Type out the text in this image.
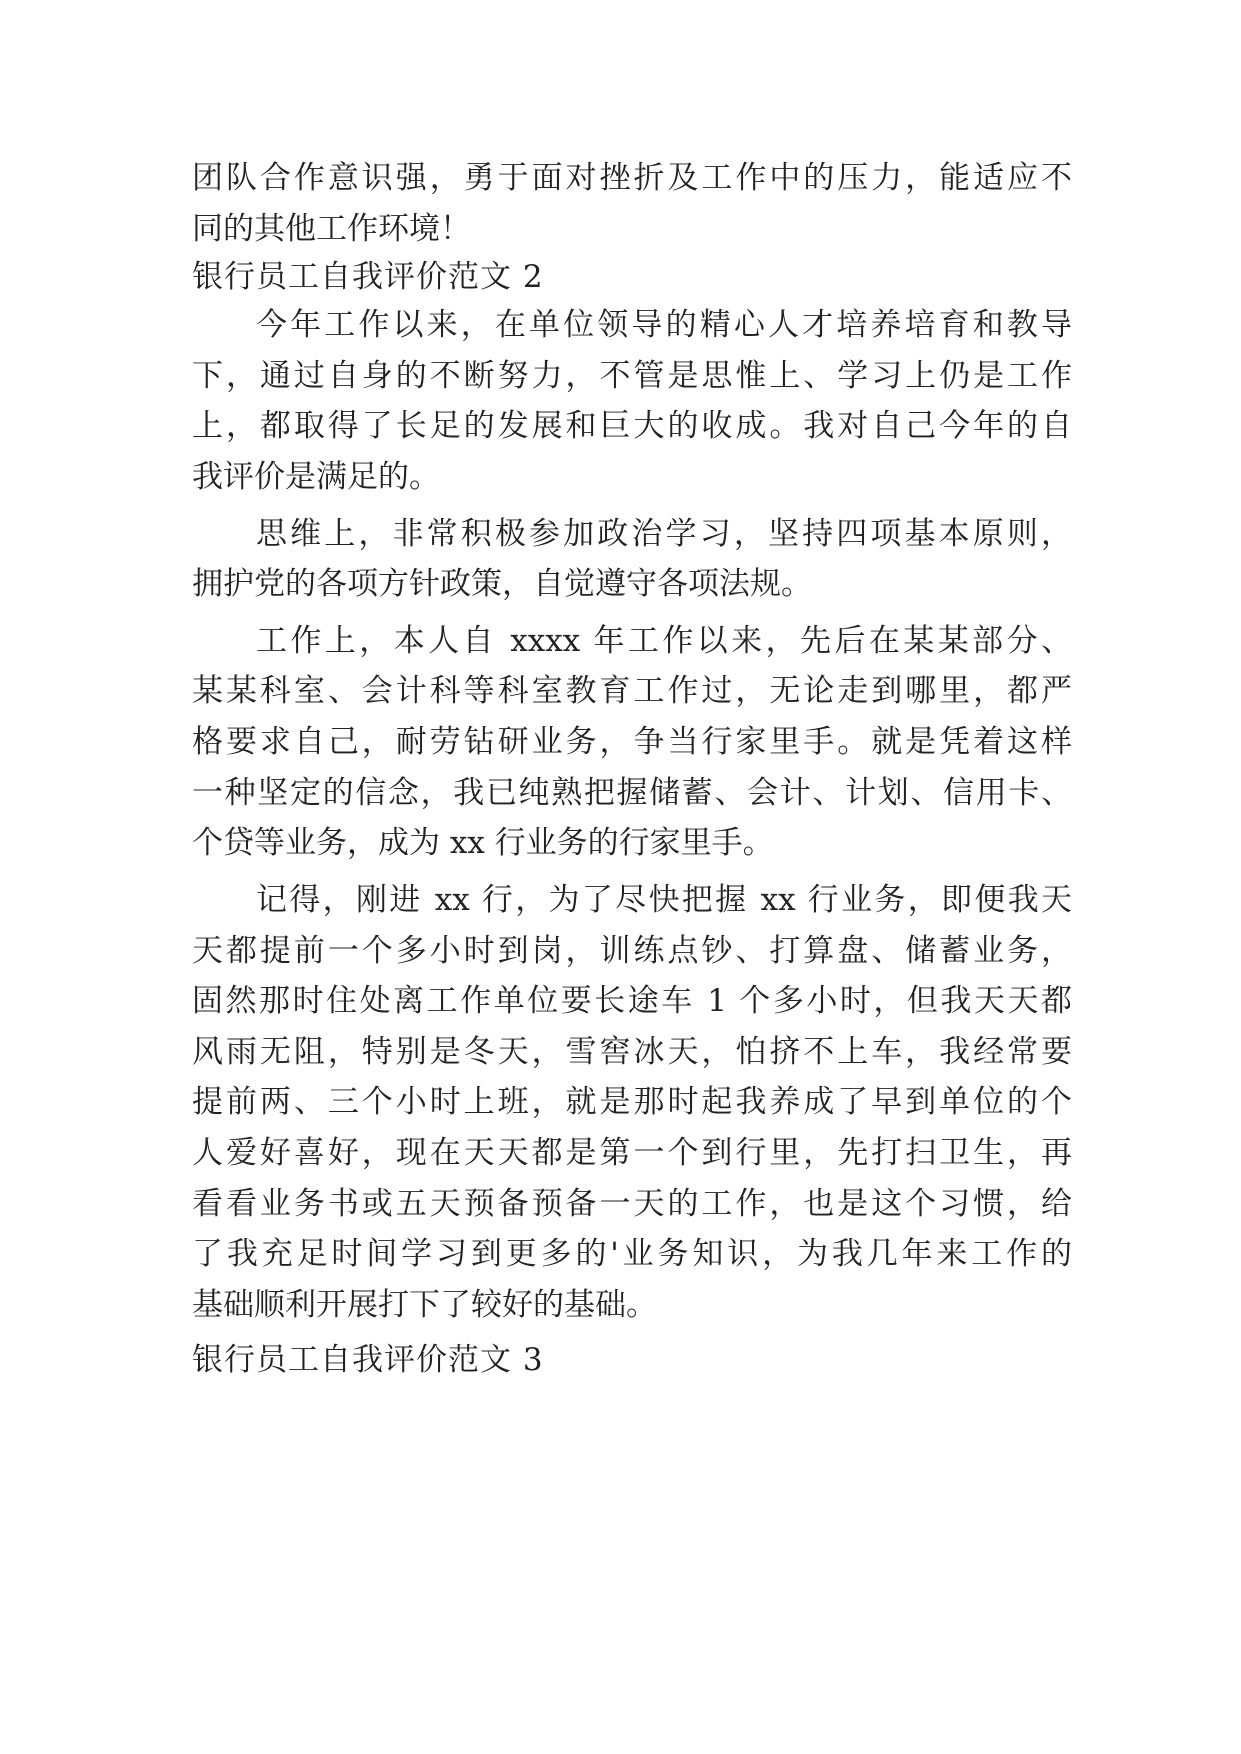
团队合作意识强，勇于面对挫折及工作中的压力，能适应不
同的其他工作环境！
银行员工自我评价范文 2
今年工作以来，在单位领导的精心人才培养培育和教导
下，通过自身的不断努力，不管是思惟上、学习上仍是工作
上，都取得了长足的发展和巨大的收成。我对自己今年的自
我评价是满足的。
思维上，非常积极参加政治学习，坚持四项基本原则，
拥护党的各项方针政策，自觉遵守各项法规。
工作上，本人自 xxxx 年工作以来，先后在某某部分、
某某科室、会计科等科室教育工作过，无论走到哪里，都严
格要求自己，耐劳钻研业务，争当行家里手。就是凭着这样
一种坚定的信念，我已纯熟把握储蓄、会计、计划、信用卡、
个贷等业务，成为 xx 行业务的行家里手。
记得，刚进 xx 行，为了尽快把握 xx 行业务，即便我天
天都提前一个多小时到岗，训练点钞、打算盘、储蓄业务，
固然那时住处离工作单位要长途车 1 个多小时，但我天天都
风雨无阻，特别是冬天，雪窖冰天，怕挤不上车，我经常要
提前两、三个小时上班，就是那时起我养成了早到单位的个
人爱好喜好，现在天天都是第一个到行里，先打扫卫生，再
看看业务书或五天预备预备一天的工作，也是这个习惯，给
了我充足时间学习到更多的'业务知识，为我几年来工作的
基础顺利开展打下了较好的基础。
银行员工自我评价范文 3
